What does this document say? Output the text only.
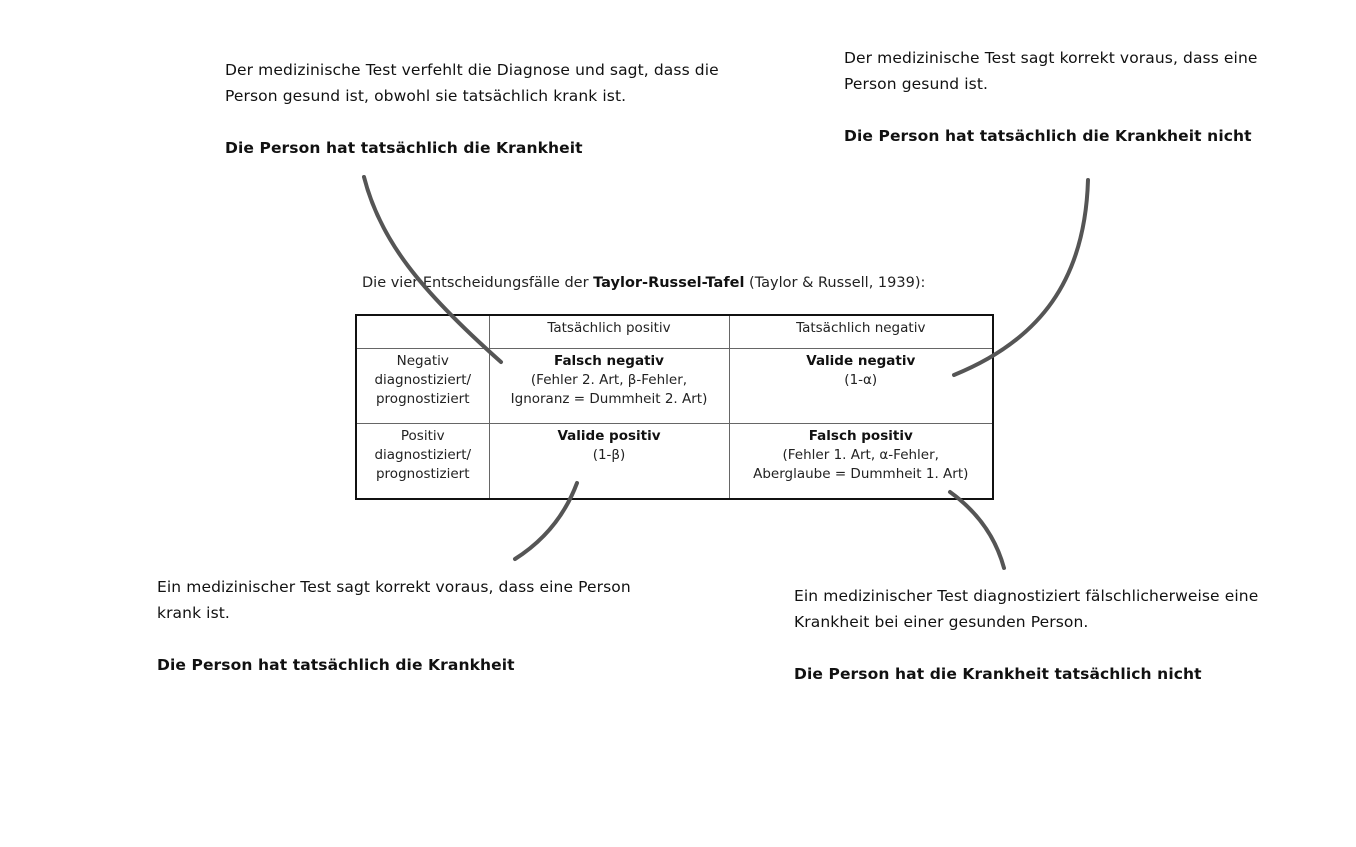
Der medizinische Test verfehlt die Diagnose und sagt, dass die Person gesund ist, obwohl sie tatsächlich krank ist.

Die Person hat tatsächlich die Krankheit

Der medizinische Test sagt korrekt voraus, dass eine Person gesund ist.

Die Person hat tatsächlich die Krankheit nicht

Ein medizinischer Test sagt korrekt voraus, dass eine Person krank ist.

Die Person hat tatsächlich die Krankheit

Ein medizinischer Test diagnostiziert fälschlicherweise eine Krankheit bei einer gesunden Person.

Die Person hat die Krankheit tatsächlich nicht

Die vier Entscheidungsfälle der Taylor-Russel-Tafel (Taylor & Russell, 1939):
	Tatsächlich positiv	Tatsächlich negativ

Negativ
diagnostiziert/
prognostiziert	Falsch negativ
(Fehler 2. Art, β-Fehler,
Ignoranz = Dummheit 2. Art)	Valide negativ
(1-α)

Positiv
diagnostiziert/
prognostiziert	Valide positiv
(1-β)	Falsch positiv
(Fehler 1. Art, α-Fehler,
Aberglaube = Dummheit 1. Art)
